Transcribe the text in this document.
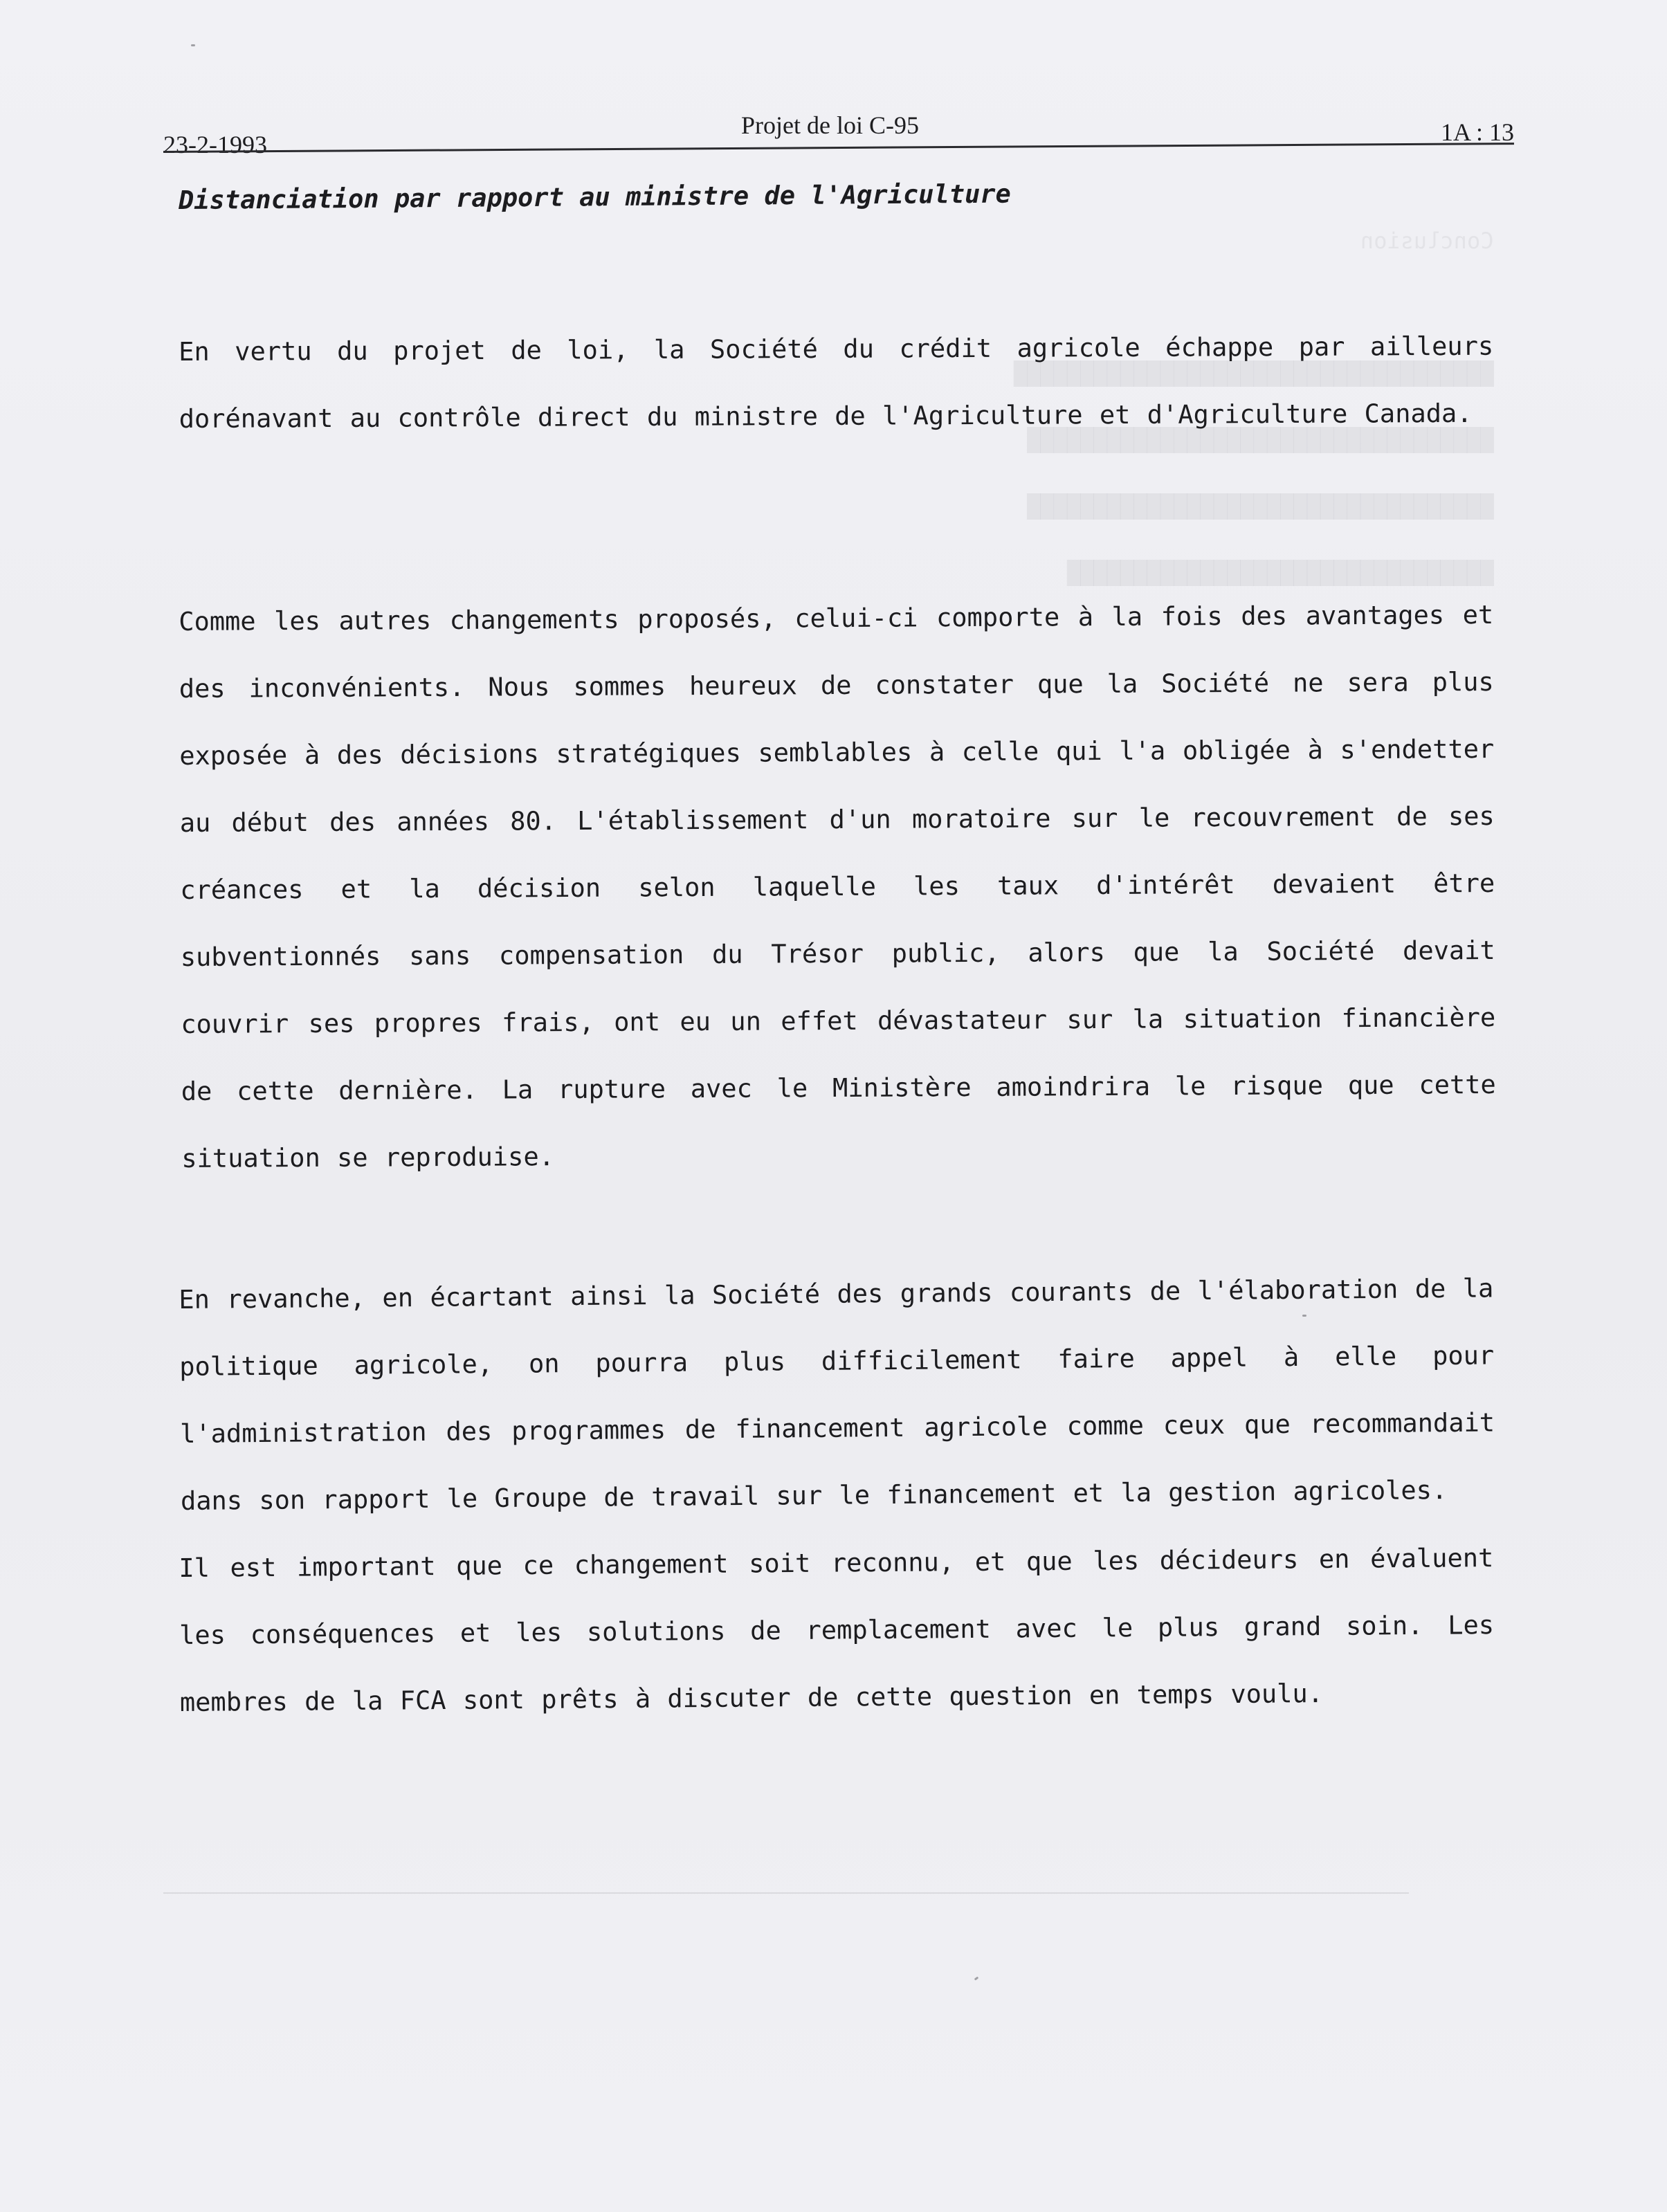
23-2-1993
Projet de loi C-95	1A : 13
Conclusion

████████████████████████████████████
███████████████████████████████████
███████████████████████████████████
████████████████████████████████
Distanciation par rapport au ministre de l'Agriculture

En vertu du projet de loi, la Société du crédit agricole échappe par ailleurs dorénavant au contrôle direct du ministre de l'Agriculture et d'Agriculture Canada.

Comme les autres changements proposés, celui-ci comporte à la fois des avantages et des inconvénients. Nous sommes heureux de constater que la Société ne sera plus exposée à des décisions stratégiques semblables à celle qui l'a obligée à s'endetter au début des années 80. L'établissement d'un moratoire sur le recouvrement de ses créances et la décision selon laquelle les taux d'intérêt devaient être subventionnés sans compensation du Trésor public, alors que la Société devait couvrir ses propres frais, ont eu un effet dévastateur sur la situation financière de cette dernière. La rupture avec le Ministère amoindrira le risque que cette situation se reproduise.

En revanche, en écartant ainsi la Société des grands courants de l'élaboration de la politique agricole, on pourra plus difficilement faire appel à elle pour l'administration des programmes de financement agricole comme ceux que recommandait dans son rapport le Groupe de travail sur le financement et la gestion agricoles.

Il est important que ce changement soit reconnu, et que les décideurs en évaluent les conséquences et les solutions de remplacement avec le plus grand soin. Les membres de la FCA sont prêts à discuter de cette question en temps voulu.
